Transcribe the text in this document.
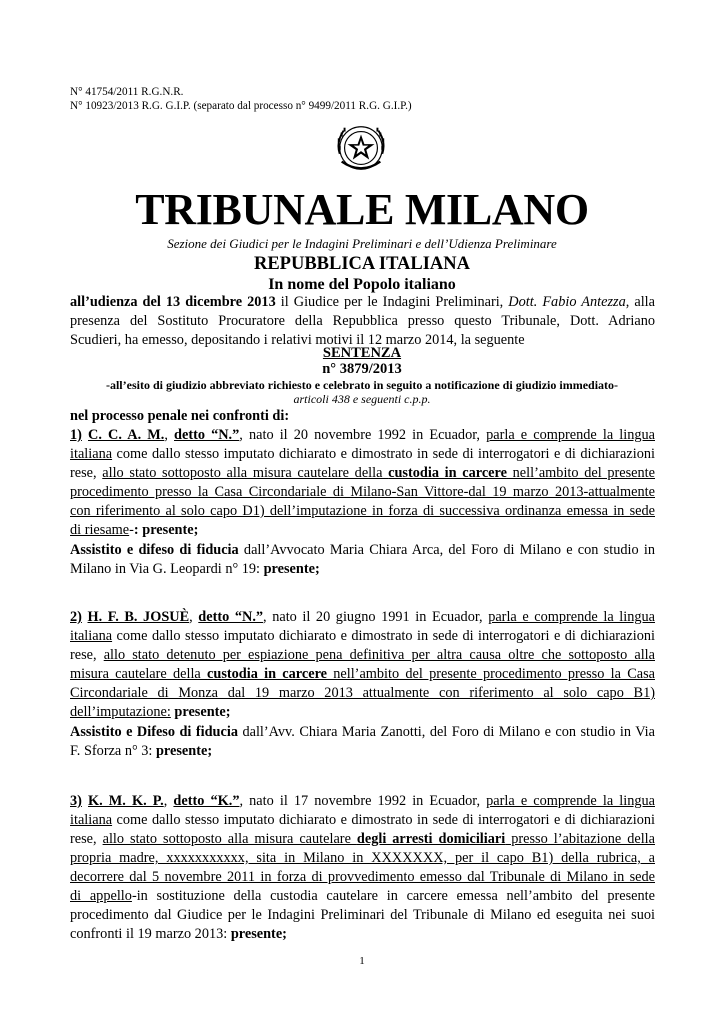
N° 41754/2011 R.G.N.R.
N° 10923/2013 R.G. G.I.P. (separato dal processo n° 9499/2011 R.G. G.I.P.)
TRIBUNALE MILANO
Sezione dei Giudici per le Indagini Preliminari e dell’Udienza Preliminare
REPUBBLICA ITALIANA
In nome del Popolo italiano
all’udienza del 13 dicembre 2013 il Giudice per le Indagini Preliminari, Dott. Fabio Antezza, alla
presenza del Sostituto Procuratore della Repubblica presso questo Tribunale, Dott. Adriano
Scudieri, ha emesso, depositando i relativi motivi il 12 marzo 2014, la seguente
SENTENZA
n° 3879/2013
-all’esito di giudizio abbreviato richiesto e celebrato in seguito a notificazione di giudizio immediato-
articoli 438 e seguenti c.p.p.
nel processo penale nei confronti di:
1) C. C. A. M., detto “N.”, nato il 20 novembre 1992 in Ecuador, parla e comprende la lingua
italiana come dallo stesso imputato dichiarato e dimostrato in sede di interrogatori e di dichiarazioni
rese, allo stato sottoposto alla misura cautelare della custodia in carcere nell’ambito del presente
procedimento presso la Casa Circondariale di Milano-San Vittore-dal 19 marzo 2013-attualmente
con riferimento al solo capo D1) dell’imputazione in forza di successiva ordinanza emessa in sede
di riesame-: presente;
Assistito e difeso di fiducia dall’Avvocato Maria Chiara Arca, del Foro di Milano e con studio in
Milano in Via G. Leopardi n° 19: presente;
2) H. F. B. JOSUÈ, detto “N.”, nato il 20 giugno 1991 in Ecuador, parla e comprende la lingua
italiana come dallo stesso imputato dichiarato e dimostrato in sede di interrogatori e di dichiarazioni
rese, allo stato detenuto per espiazione pena definitiva per altra causa oltre che sottoposto alla
misura cautelare della custodia in carcere nell’ambito del presente procedimento presso la Casa
Circondariale di Monza dal 19 marzo 2013 attualmente con riferimento al solo capo B1)
dell’imputazione: presente;
Assistito e Difeso di fiducia dall’Avv. Chiara Maria Zanotti, del Foro di Milano e con studio in Via
F. Sforza n° 3: presente;
3) K. M. K. P., detto “K.”, nato il 17 novembre 1992 in Ecuador, parla e comprende la lingua
italiana come dallo stesso imputato dichiarato e dimostrato in sede di interrogatori e di dichiarazioni
rese, allo stato sottoposto alla misura cautelare degli arresti domiciliari presso l’abitazione della
propria madre, xxxxxxxxxxx, sita in Milano in XXXXXXX, per il capo B1) della rubrica, a
decorrere dal 5 novembre 2011 in forza di provvedimento emesso dal Tribunale di Milano in sede
di appello-in sostituzione della custodia cautelare in carcere emessa nell’ambito del presente
procedimento dal Giudice per le Indagini Preliminari del Tribunale di Milano ed eseguita nei suoi
confronti il 19 marzo 2013: presente;
1
